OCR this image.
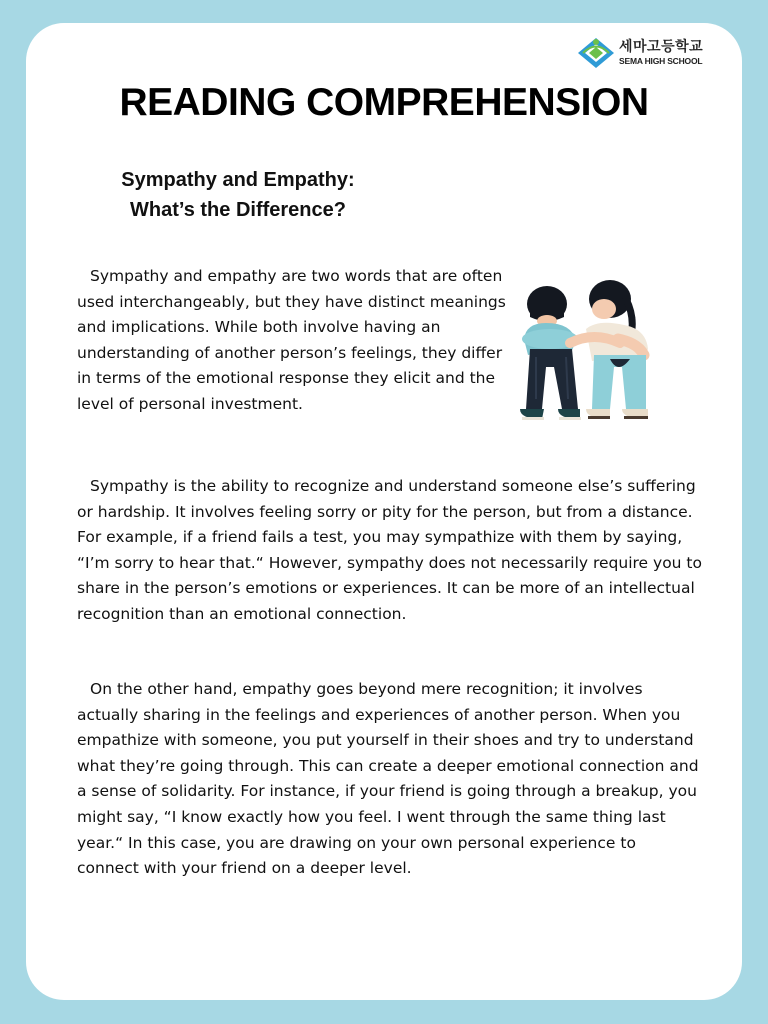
세마고등학교
SEMA HIGH SCHOOL
READING COMPREHENSION
Sympathy and Empathy:
What’s the Difference?

Sympathy and empathy are two words that are often used interchangeably, but they have distinct meanings and implications. While both involve having an understanding of another person’s feelings, they differ in terms of the emotional response they elicit and the level of personal investment.

Sympathy is the ability to recognize and understand someone else’s suffering or hardship. It involves feeling sorry or pity for the person, but from a distance. For example, if a friend fails a test, you may sympathize with them by saying, “I’m sorry to hear that.“ However, sympathy does not necessarily require you to share in the person’s emotions or experiences. It can be more of an intellectual recognition than an emotional connection.

On the other hand, empathy goes beyond mere recognition; it involves actually sharing in the feelings and experiences of another person. When you empathize with someone, you put yourself in their shoes and try to understand what they’re going through. This can create a deeper emotional connection and a sense of solidarity. For instance, if your friend is going through a breakup, you might say, “I know exactly how you feel. I went through the same thing last year.“ In this case, you are drawing on your own personal experience to connect with your friend on a deeper level.
